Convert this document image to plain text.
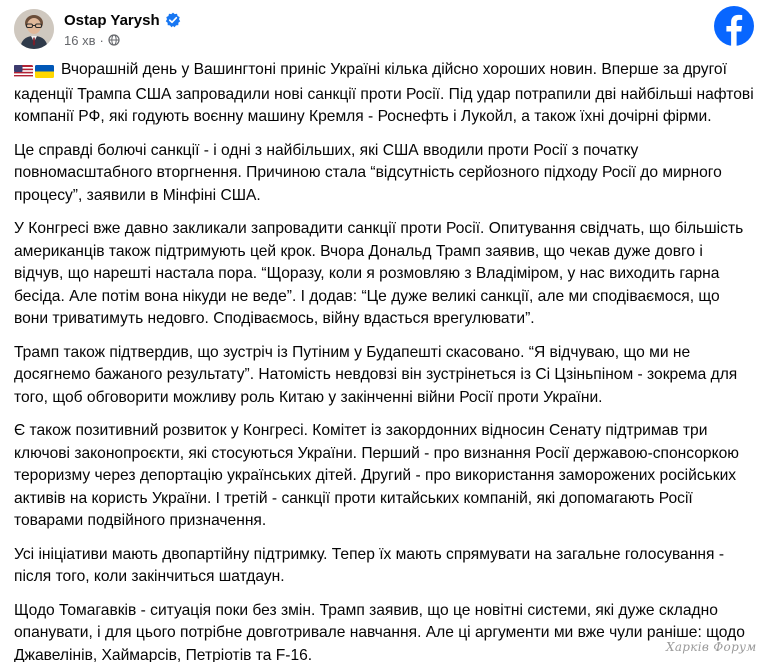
Ostap Yarysh
16 хв ·

Вчорашній день у Вашингтоні приніс Україні кілька дійсно хороших новин. Вперше за другої каденції Трампа США запровадили нові санкції проти Росії. Під удар потрапили дві найбільші нафтові компанії РФ, які годують воєнну машину Кремля - Роснефть і Лукойл, а також їхні дочірні фірми.

Це справді болючі санкції - і одні з найбільших, які США вводили проти Росії з початку повномасштабного вторгнення. Причиною стала “відсутність серйозного підходу Росії до мирного процесу”, заявили в Мінфіні США.

У Конгресі вже давно закликали запровадити санкції проти Росії. Опитування свідчать, що більшість американців також підтримують цей крок. Вчора Дональд Трамп заявив, що чекав дуже довго і відчув, що нарешті настала пора. “Щоразу, коли я розмовляю з Владіміром, у нас виходить гарна бесіда. Але потім вона нікуди не веде”. І додав: “Це дуже великі санкції, але ми сподіваємося, що вони триватимуть недовго. Сподіваємось, війну вдасться врегулювати”.

Трамп також підтвердив, що зустріч із Путіним у Будапешті скасовано. “Я відчуваю, що ми не досягнемо бажаного результату”. Натомість невдовзі він зустрінеться із Сі Цзіньпіном - зокрема для того, щоб обговорити можливу роль Китаю у закінченні війни Росії проти України.

Є також позитивний розвиток у Конгресі. Комітет із закордонних відносин Сенату підтримав три ключові законопроєкти, які стосуються України. Перший - про визнання Росії державою-спонсоркою тероризму через депортацію українських дітей. Другий - про використання заморожених російських активів на користь України. І третій - санкції проти китайських компаній, які допомагають Росії товарами подвійного призначення.

Усі ініціативи мають двопартійну підтримку. Тепер їх мають спрямувати на загальне голосування - після того, коли закінчиться шатдаун.

Щодо Томагавків - ситуація поки без змін. Трамп заявив, що це новітні системи, які дуже складно опанувати, і для цього потрібне довготривале навчання. Але ці аргументи ми вже чули раніше: щодо Джавелінів, Хаймарсів, Петріотів та F-16.	Харків Форум
